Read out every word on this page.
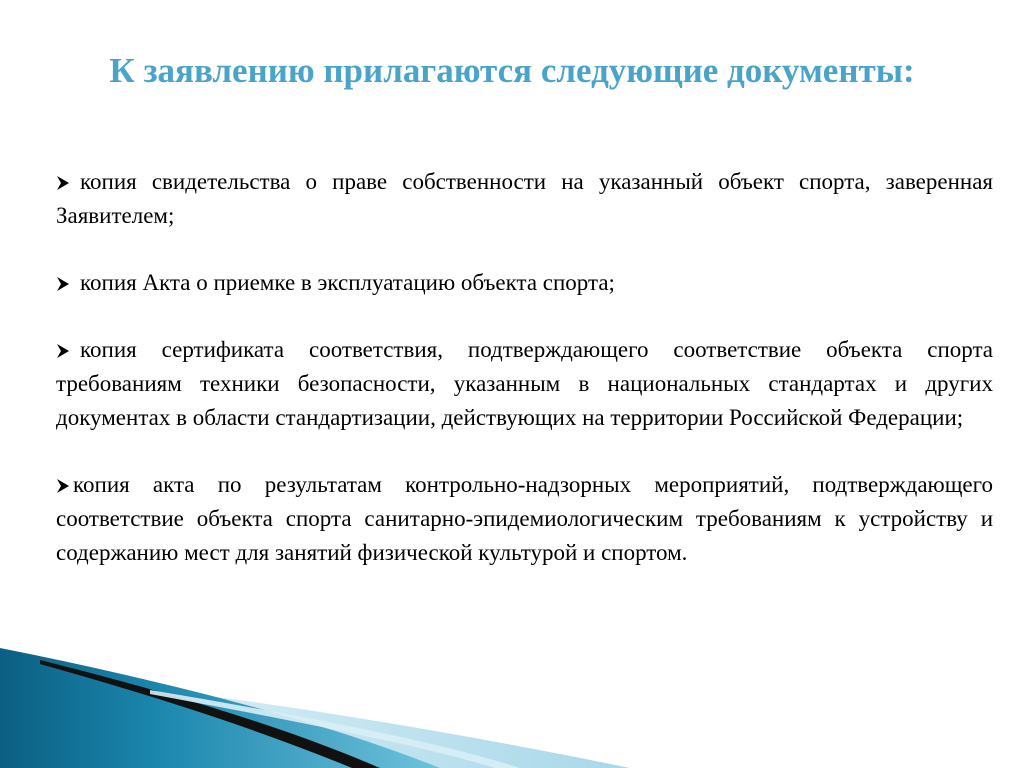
К заявлению прилагаются следующие документы:
копия свидетельства о праве собственности на указанный объект спорта, заверенная Заявителем;
копия Акта о приемке в эксплуатацию объекта спорта;
копия сертификата соответствия, подтверждающего соответствие объекта спорта требованиям техники безопасности, указанным в национальных стандартах и других документах в области стандартизации, действующих на территории Российской Федерации;
копия акта по результатам контрольно-надзорных мероприятий, подтверждающего соответствие объекта спорта санитарно-эпидемиологическим требованиям к устройству и содержанию мест для занятий физической культурой и спортом.
